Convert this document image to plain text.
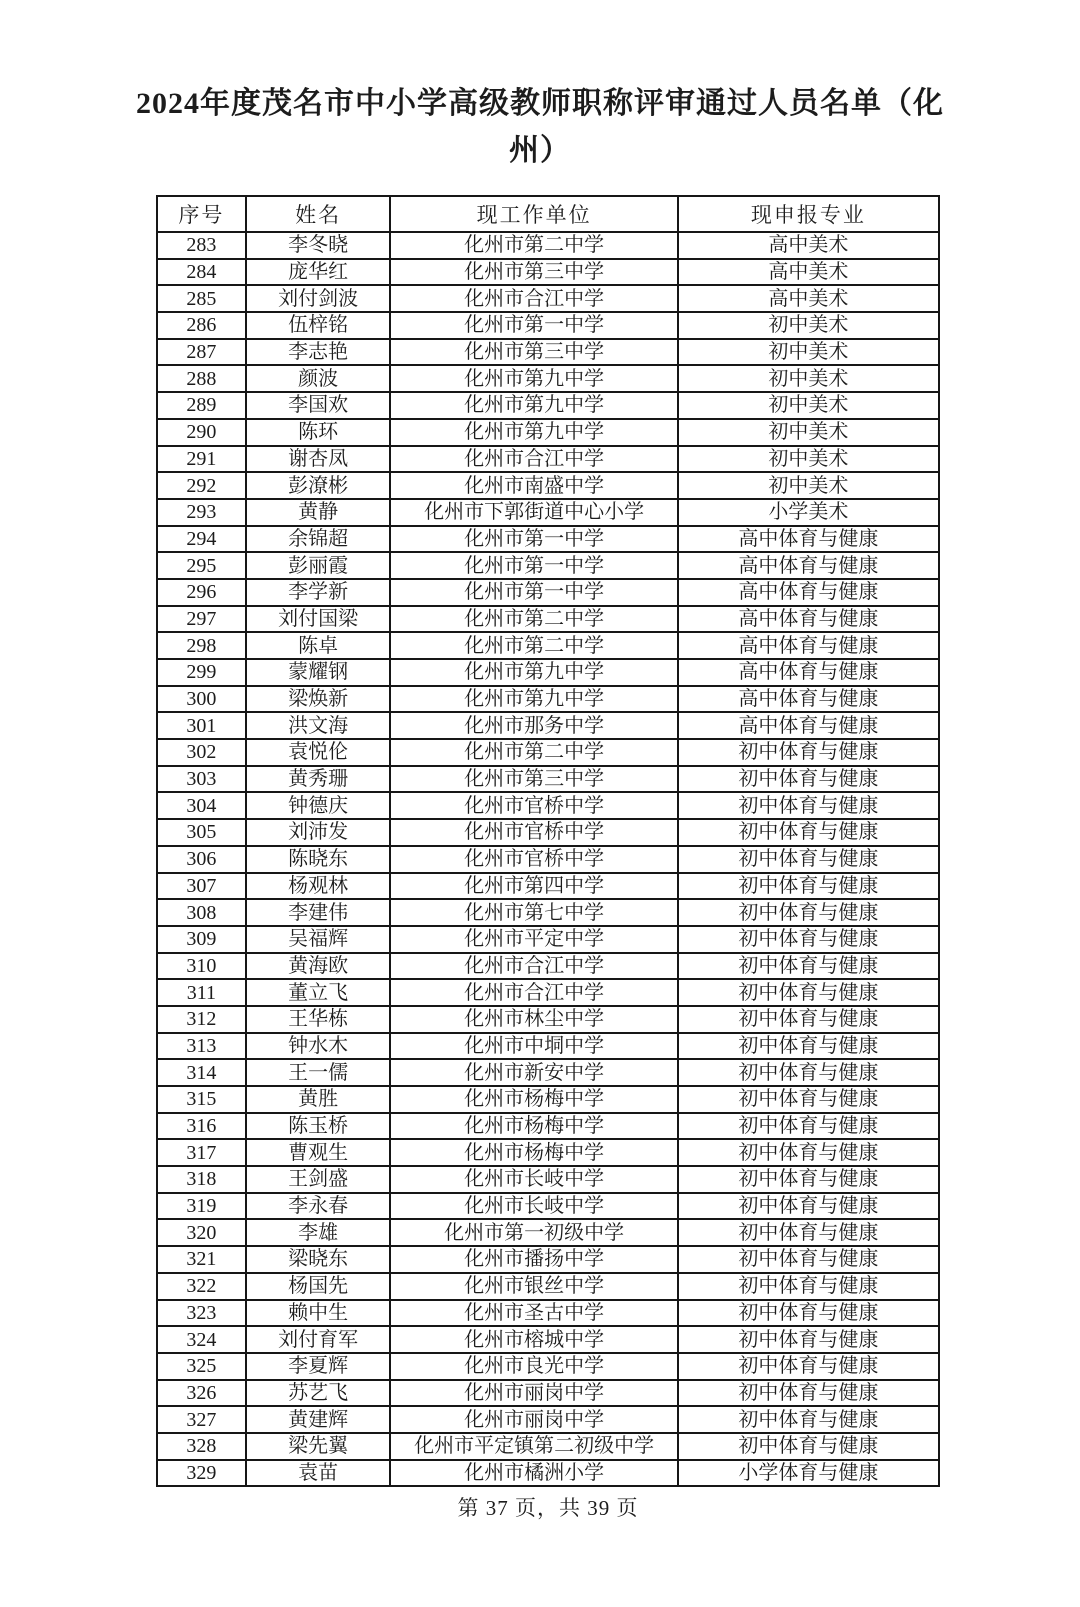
2024年度茂名市中小学高级教师职称评审通过人员名单（化
州）
序号	姓名	现工作单位	现申报专业
283	李冬晓	化州市第二中学	高中美术
284	庞华红	化州市第三中学	高中美术
285	刘付剑波	化州市合江中学	高中美术
286	伍梓铭	化州市第一中学	初中美术
287	李志艳	化州市第三中学	初中美术
288	颜波	化州市第九中学	初中美术
289	李国欢	化州市第九中学	初中美术
290	陈环	化州市第九中学	初中美术
291	谢杏凤	化州市合江中学	初中美术
292	彭潦彬	化州市南盛中学	初中美术
293	黄静	化州市下郭街道中心小学	小学美术
294	余锦超	化州市第一中学	高中体育与健康
295	彭丽霞	化州市第一中学	高中体育与健康
296	李学新	化州市第一中学	高中体育与健康
297	刘付国梁	化州市第二中学	高中体育与健康
298	陈卓	化州市第二中学	高中体育与健康
299	蒙耀钢	化州市第九中学	高中体育与健康
300	梁焕新	化州市第九中学	高中体育与健康
301	洪文海	化州市那务中学	高中体育与健康
302	袁悦伦	化州市第二中学	初中体育与健康
303	黄秀珊	化州市第三中学	初中体育与健康
304	钟德庆	化州市官桥中学	初中体育与健康
305	刘沛发	化州市官桥中学	初中体育与健康
306	陈晓东	化州市官桥中学	初中体育与健康
307	杨观林	化州市第四中学	初中体育与健康
308	李建伟	化州市第七中学	初中体育与健康
309	吴福辉	化州市平定中学	初中体育与健康
310	黄海欧	化州市合江中学	初中体育与健康
311	董立飞	化州市合江中学	初中体育与健康
312	王华栋	化州市林尘中学	初中体育与健康
313	钟水木	化州市中垌中学	初中体育与健康
314	王一儒	化州市新安中学	初中体育与健康
315	黄胜	化州市杨梅中学	初中体育与健康
316	陈玉桥	化州市杨梅中学	初中体育与健康
317	曹观生	化州市杨梅中学	初中体育与健康
318	王剑盛	化州市长岐中学	初中体育与健康
319	李永春	化州市长岐中学	初中体育与健康
320	李雄	化州市第一初级中学	初中体育与健康
321	梁晓东	化州市播扬中学	初中体育与健康
322	杨国先	化州市银丝中学	初中体育与健康
323	赖中生	化州市圣古中学	初中体育与健康
324	刘付育军	化州市榕城中学	初中体育与健康
325	李夏辉	化州市良光中学	初中体育与健康
326	苏艺飞	化州市丽岗中学	初中体育与健康
327	黄建辉	化州市丽岗中学	初中体育与健康
328	梁先翼	化州市平定镇第二初级中学	初中体育与健康
329	袁苗	化州市橘洲小学	小学体育与健康
第 37 页，共 39 页
